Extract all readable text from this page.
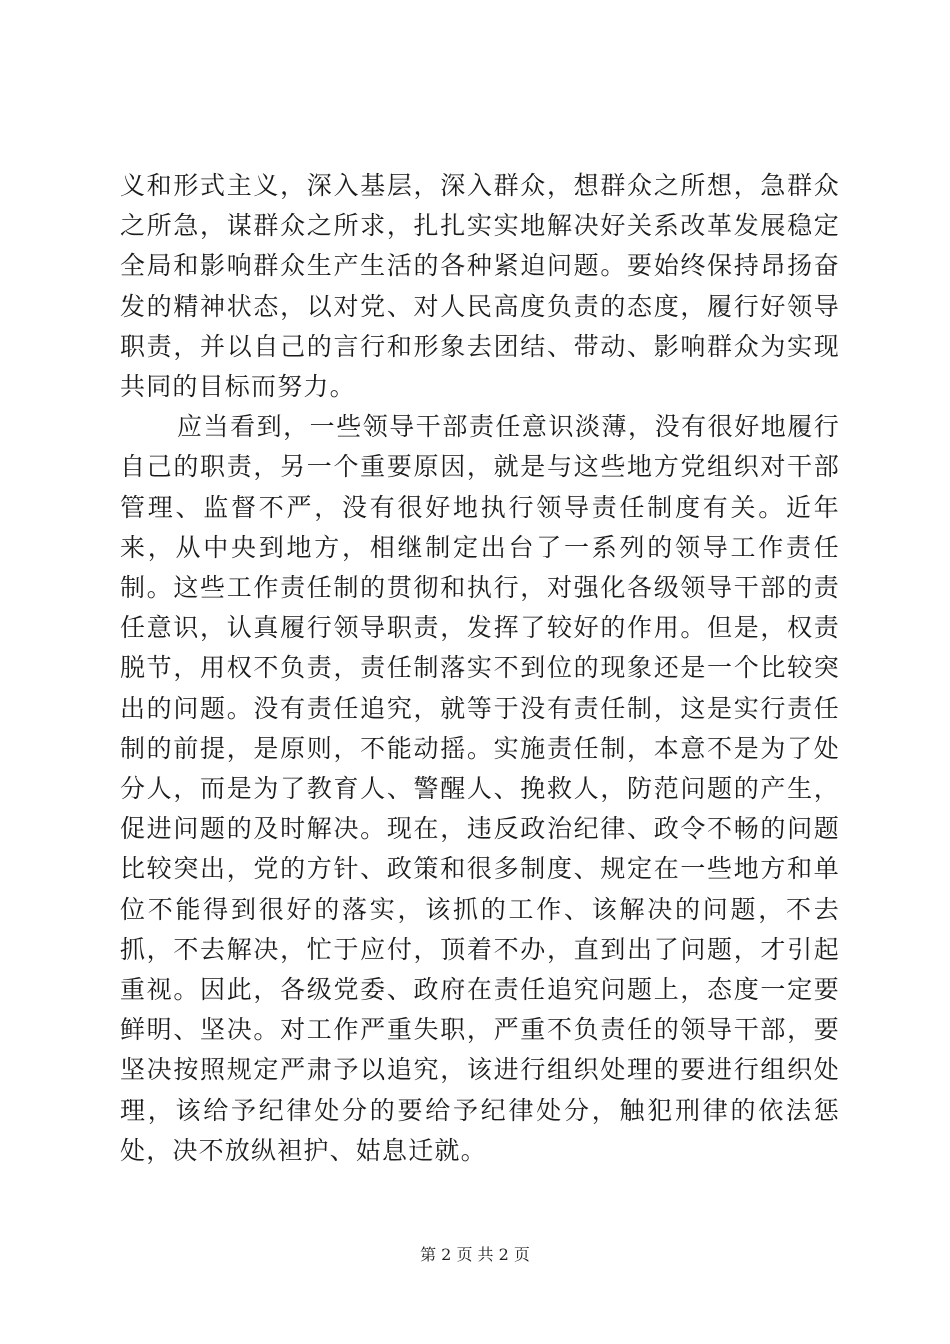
义和形式主义，深入基层，深入群众，想群众之所想，急群众之所急，谋群众之所求，扎扎实实地解决好关系改革发展稳定全局和影响群众生产生活的各种紧迫问题。要始终保持昂扬奋发的精神状态，以对党、对人民高度负责的态度，履行好领导职责，并以自己的言行和形象去团结、带动、影响群众为实现共同的目标而努力。

应当看到，一些领导干部责任意识淡薄，没有很好地履行自己的职责，另一个重要原因，就是与这些地方党组织对干部管理、监督不严，没有很好地执行领导责任制度有关。近年来，从中央到地方，相继制定出台了一系列的领导工作责任制。这些工作责任制的贯彻和执行，对强化各级领导干部的责任意识，认真履行领导职责，发挥了较好的作用。但是，权责脱节，用权不负责，责任制落实不到位的现象还是一个比较突出的问题。没有责任追究，就等于没有责任制，这是实行责任制的前提，是原则，不能动摇。实施责任制，本意不是为了处分人，而是为了教育人、警醒人、挽救人，防范问题的产生，促进问题的及时解决。现在，违反政治纪律、政令不畅的问题比较突出，党的方针、政策和很多制度、规定在一些地方和单位不能得到很好的落实，该抓的工作、该解决的问题，不去抓，不去解决，忙于应付，顶着不办，直到出了问题，才引起重视。因此，各级党委、政府在责任追究问题上，态度一定要鲜明、坚决。对工作严重失职，严重不负责任的领导干部，要坚决按照规定严肃予以追究，该进行组织处理的要进行组织处理，该给予纪律处分的要给予纪律处分，触犯刑律的依法惩处，决不放纵袒护、姑息迁就。

第 2 页 共 2 页
